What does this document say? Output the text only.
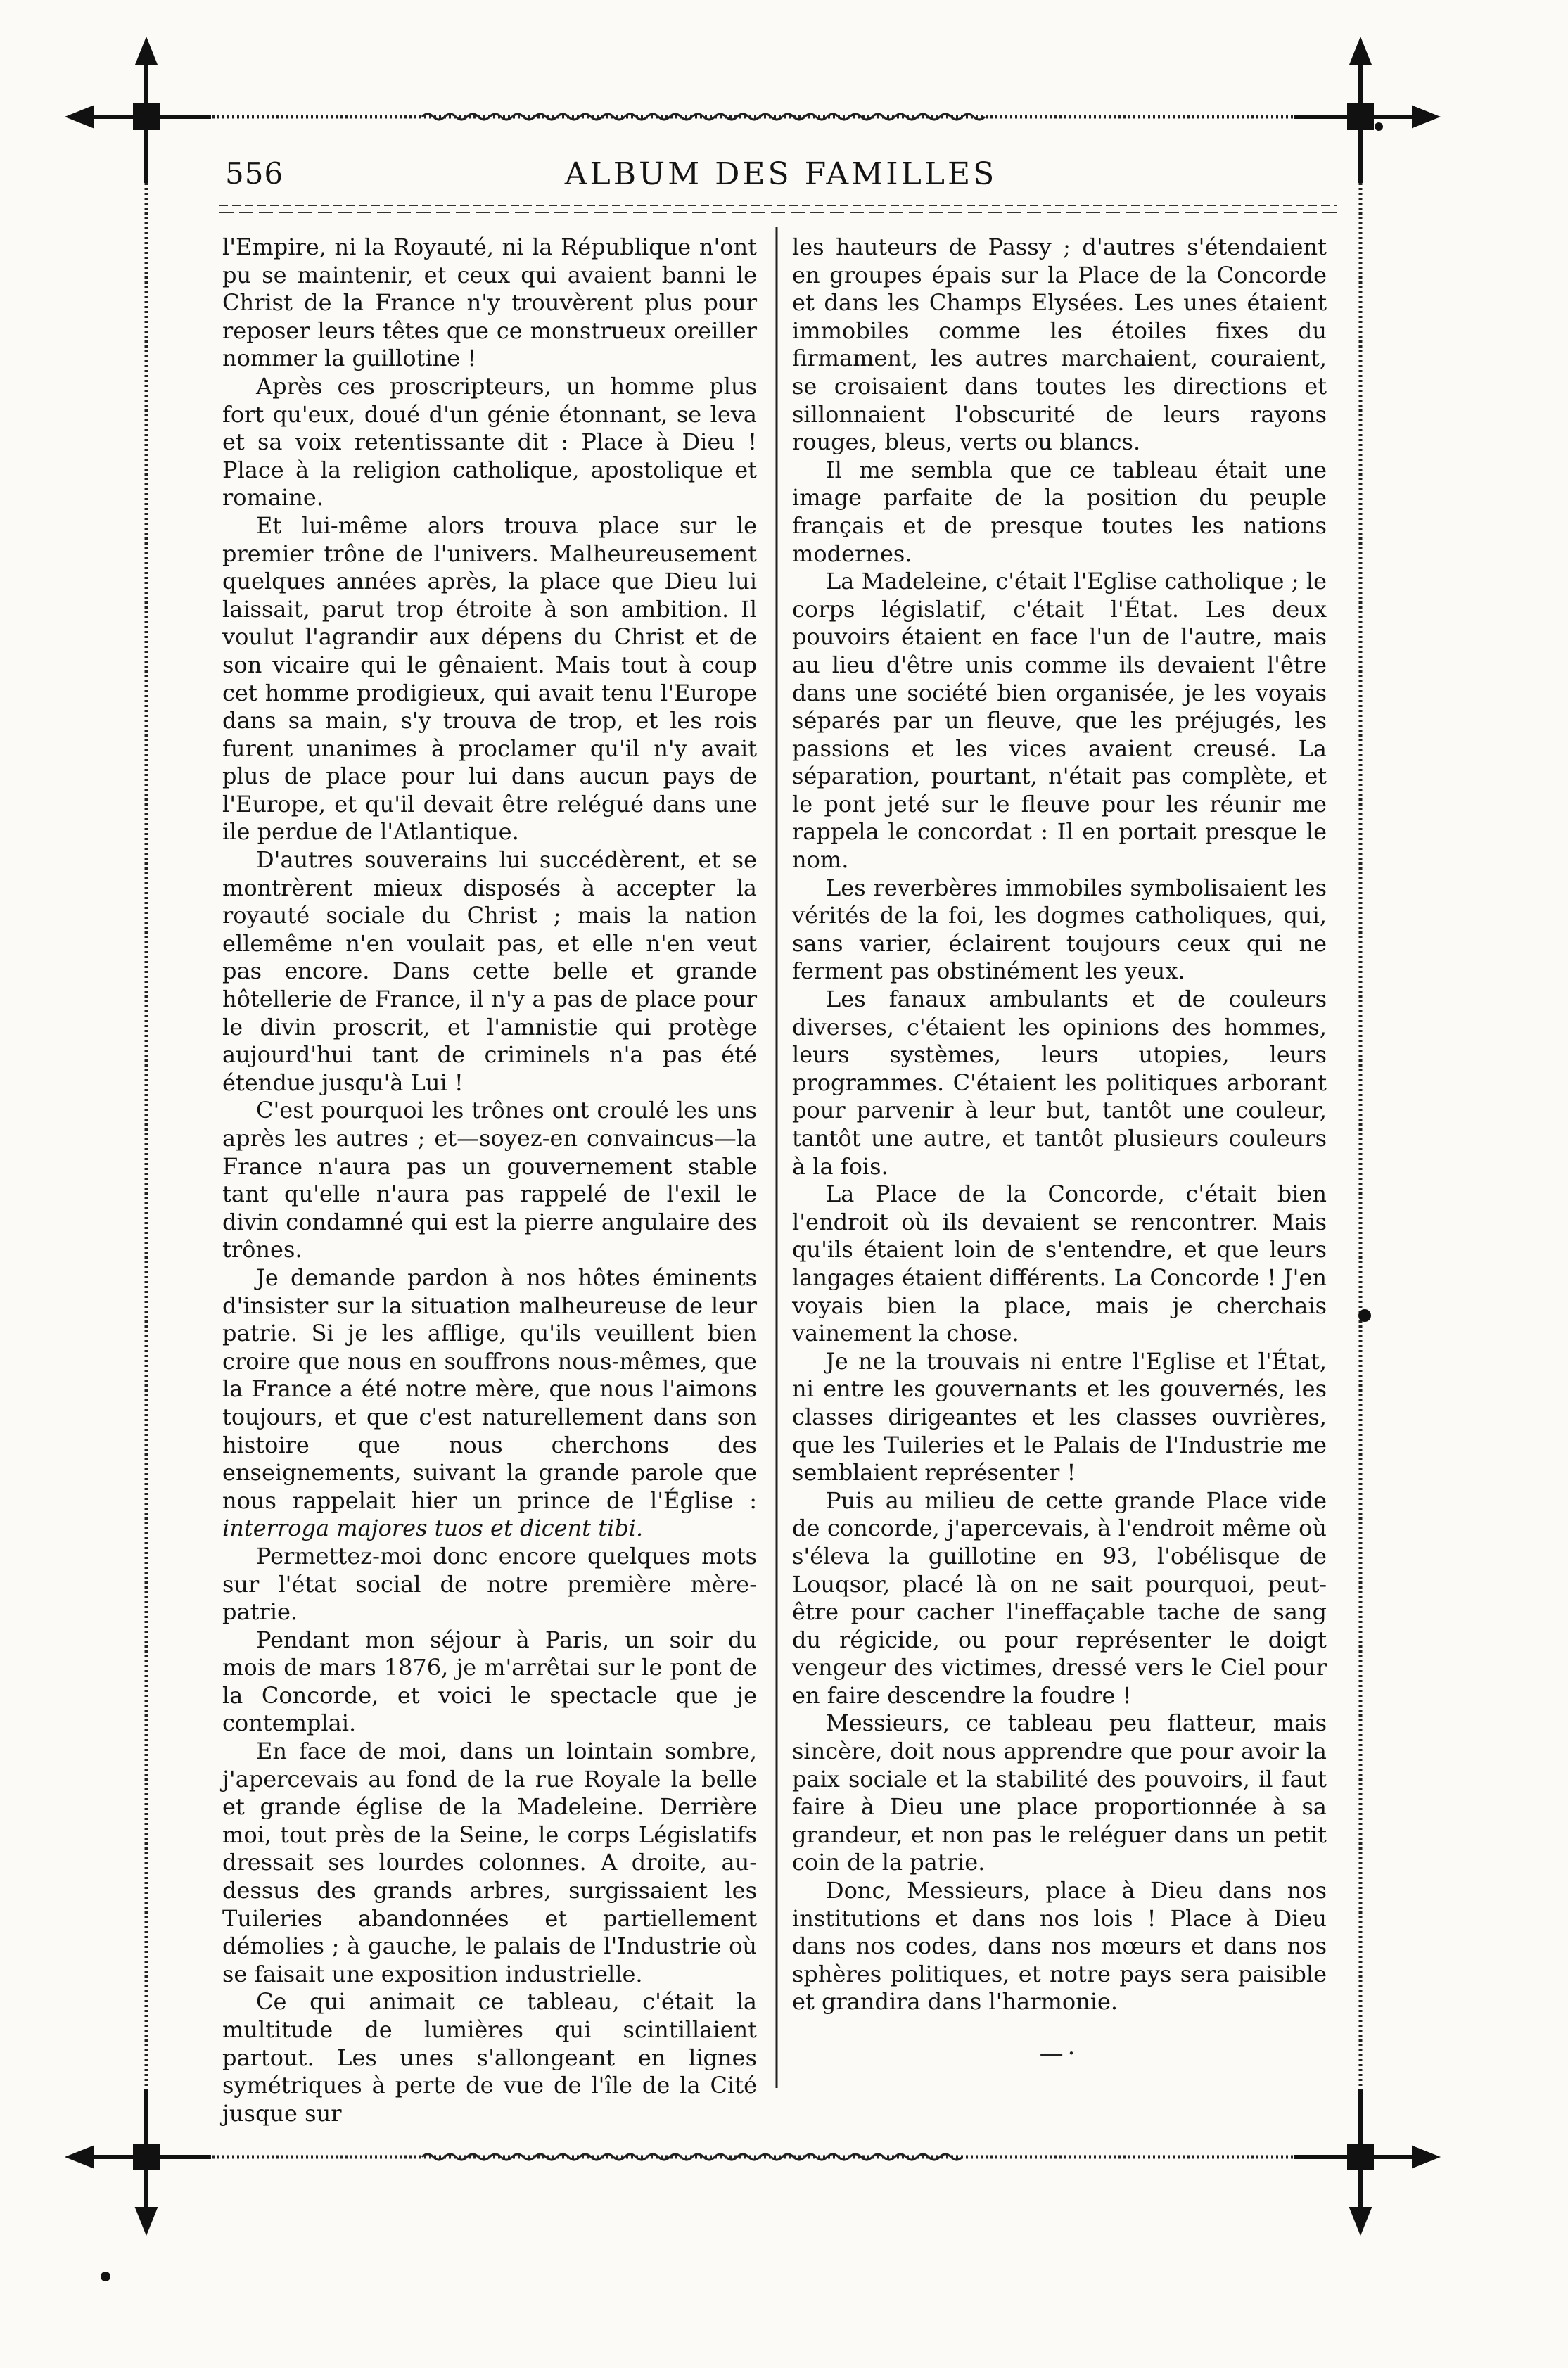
556	ALBUM DES FAMILLES

l'Empire, ni la Royauté, ni la République n'ont pu se maintenir, et ceux qui avaient banni le Christ de la France n'y trouvèrent plus pour reposer leurs têtes que ce monstrueux oreiller nommer la guillotine !

Après ces proscripteurs, un homme plus fort qu'eux, doué d'un génie étonnant, se leva et sa voix retentissante dit : Place à Dieu ! Place à la religion catholique, apostolique et romaine.

Et lui-même alors trouva place sur le premier trône de l'univers. Malheureusement quelques années après, la place que Dieu lui laissait, parut trop étroite à son ambition. Il voulut l'agrandir aux dépens du Christ et de son vicaire qui le gênaient. Mais tout à coup cet homme prodigieux, qui avait tenu l'Europe dans sa main, s'y trouva de trop, et les rois furent unanimes à proclamer qu'il n'y avait plus de place pour lui dans aucun pays de l'Europe, et qu'il devait être relégué dans une ile perdue de l'Atlantique.

D'autres souverains lui succédèrent, et se montrèrent mieux disposés à accepter la royauté sociale du Christ ; mais la nation ellemême n'en voulait pas, et elle n'en veut pas encore. Dans cette belle et grande hôtellerie de France, il n'y a pas de place pour le divin proscrit, et l'amnistie qui protège aujourd'hui tant de criminels n'a pas été étendue jusqu'à Lui !

C'est pourquoi les trônes ont croulé les uns après les autres ; et—soyez-en convaincus—la France n'aura pas un gouvernement stable tant qu'elle n'aura pas rappelé de l'exil le divin condamné qui est la pierre angulaire des trônes.

Je demande pardon à nos hôtes éminents d'insister sur la situation malheureuse de leur patrie. Si je les afflige, qu'ils veuillent bien croire que nous en souffrons nous-mêmes, que la France a été notre mère, que nous l'aimons toujours, et que c'est naturellement dans son histoire que nous cherchons des enseignements, suivant la grande parole que nous rappelait hier un prince de l'Église : interroga majores tuos et dicent tibi.

Permettez-moi donc encore quelques mots sur l'état social de notre première mère-patrie.

Pendant mon séjour à Paris, un soir du mois de mars 1876, je m'arrêtai sur le pont de la Concorde, et voici le spectacle que je contemplai.

En face de moi, dans un lointain sombre, j'apercevais au fond de la rue Royale la belle et grande église de la Madeleine. Derrière moi, tout près de la Seine, le corps Législatifs dressait ses lourdes colonnes. A droite, au-dessus des grands arbres, surgissaient les Tuileries abandonnées et partiellement démolies ; à gauche, le palais de l'Industrie où se faisait une exposition industrielle.

Ce qui animait ce tableau, c'était la multitude de lumières qui scintillaient partout. Les unes s'allongeant en lignes symétriques à perte de vue de l'île de la Cité jusque sur

les hauteurs de Passy ; d'autres s'étendaient en groupes épais sur la Place de la Concorde et dans les Champs Elysées. Les unes étaient immobiles comme les étoiles fixes du firmament, les autres marchaient, couraient, se croisaient dans toutes les directions et sillonnaient l'obscurité de leurs rayons rouges, bleus, verts ou blancs.

Il me sembla que ce tableau était une image parfaite de la position du peuple français et de presque toutes les nations modernes.

La Madeleine, c'était l'Eglise catholique ; le corps législatif, c'était l'État. Les deux pouvoirs étaient en face l'un de l'autre, mais au lieu d'être unis comme ils devaient l'être dans une société bien organisée, je les voyais séparés par un fleuve, que les préjugés, les passions et les vices avaient creusé. La séparation, pourtant, n'était pas complète, et le pont jeté sur le fleuve pour les réunir me rappela le concordat : Il en portait presque le nom.

Les reverbères immobiles symbolisaient les vérités de la foi, les dogmes catholiques, qui, sans varier, éclairent toujours ceux qui ne ferment pas obstinément les yeux.

Les fanaux ambulants et de couleurs diverses, c'étaient les opinions des hommes, leurs systèmes, leurs utopies, leurs programmes. C'étaient les politiques arborant pour parvenir à leur but, tantôt une couleur, tantôt une autre, et tantôt plusieurs couleurs à la fois.

La Place de la Concorde, c'était bien l'endroit où ils devaient se rencontrer. Mais qu'ils étaient loin de s'entendre, et que leurs langages étaient différents. La Concorde ! J'en voyais bien la place, mais je cherchais vainement la chose.

Je ne la trouvais ni entre l'Eglise et l'État, ni entre les gouvernants et les gouvernés, les classes dirigeantes et les classes ouvrières, que les Tuileries et le Palais de l'Industrie me semblaient représenter !

Puis au milieu de cette grande Place vide de concorde, j'apercevais, à l'endroit même où s'éleva la guillotine en 93, l'obélisque de Louqsor, placé là on ne sait pourquoi, peut-être pour cacher l'ineffaçable tache de sang du régicide, ou pour représenter le doigt vengeur des victimes, dressé vers le Ciel pour en faire descendre la foudre !

Messieurs, ce tableau peu flatteur, mais sincère, doit nous apprendre que pour avoir la paix sociale et la stabilité des pouvoirs, il faut faire à Dieu une place proportionnée à sa grandeur, et non pas le reléguer dans un petit coin de la patrie.

Donc, Messieurs, place à Dieu dans nos institutions et dans nos lois ! Place à Dieu dans nos codes, dans nos mœurs et dans nos sphères politiques, et notre pays sera paisible et grandira dans l'harmonie.

—·
